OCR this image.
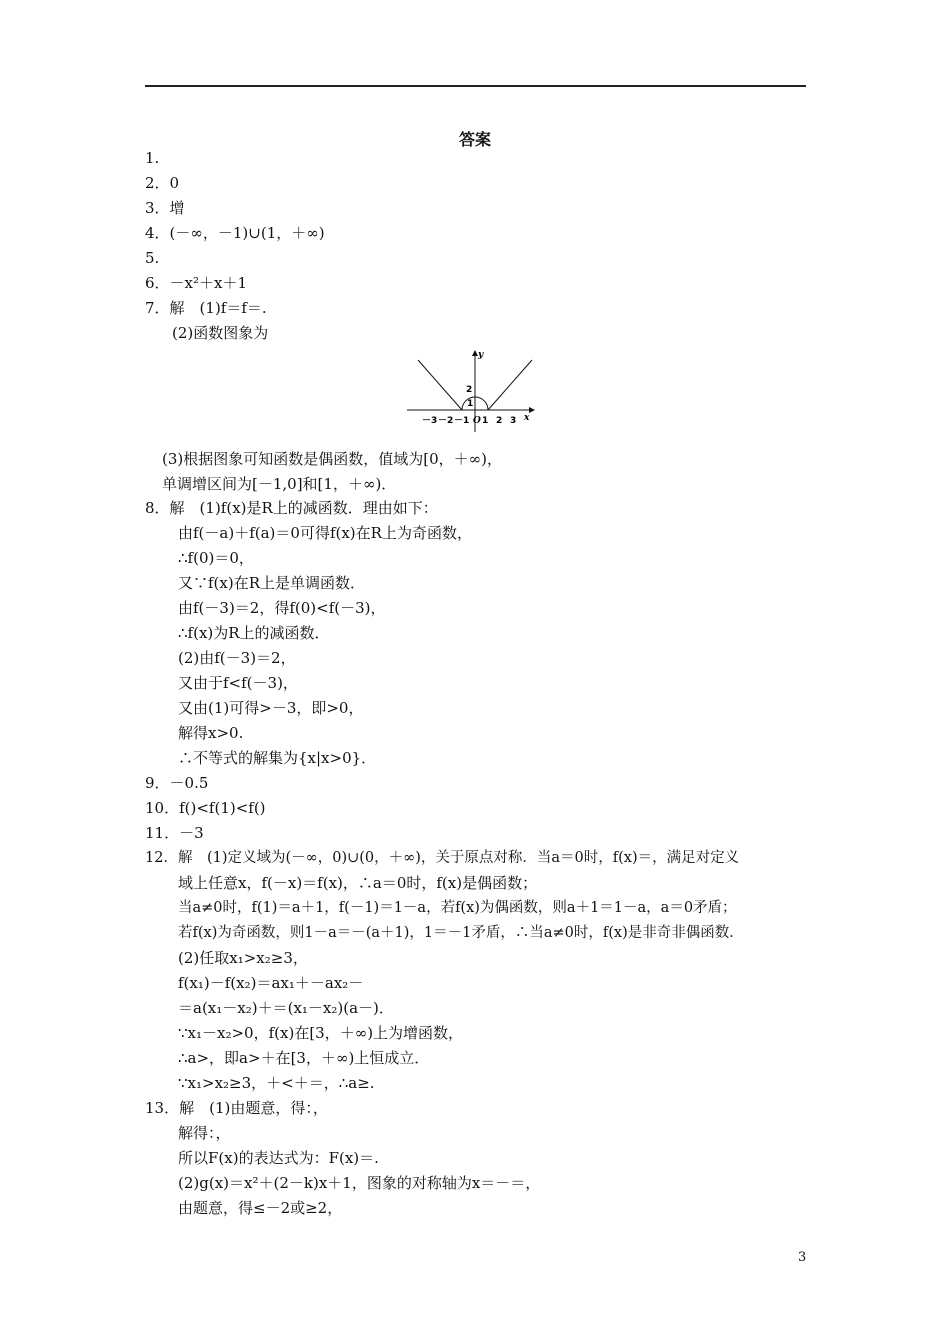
答案
1.
2．0
3．增
4．(－∞，－1)∪(1，＋∞)
5.
6．－x²＋x＋1
7．解　(1)f＝f＝.
(2)函数图象为
y
x
2
1
－3 －2 －1 O 1 2 3
(3)根据图象可知函数是偶函数，值域为[0，＋∞)，
单调增区间为[－1,0]和[1，＋∞)．
8．解　(1)f(x)是R上的减函数．理由如下：
由f(－a)＋f(a)＝0可得f(x)在R上为奇函数，
∴f(0)＝0，
又∵f(x)在R上是单调函数．
由f(－3)＝2，得f(0)<f(－3)，
∴f(x)为R上的减函数．
(2)由f(－3)＝2，
又由于f<f(－3)，
又由(1)可得>－3，即>0，
解得x>0.
∴不等式的解集为{x|x>0}．
9．－0.5
10．f()<f(1)<f()
11．－3
12．解　(1)定义域为(－∞，0)∪(0，＋∞)，关于原点对称．当a＝0时，f(x)＝，满足对定义
域上任意x，f(－x)＝f(x)，∴a＝0时，f(x)是偶函数；
当a≠0时，f(1)＝a＋1，f(－1)＝1－a，若f(x)为偶函数，则a＋1＝1－a，a＝0矛盾；
若f(x)为奇函数，则1－a＝－(a＋1)，1＝－1矛盾，∴当a≠0时，f(x)是非奇非偶函数．
(2)任取x₁>x₂≥3，
f(x₁)－f(x₂)＝ax₁＋－ax₂－
＝a(x₁－x₂)＋＝(x₁－x₂)(a－)．
∵x₁－x₂>0，f(x)在[3，＋∞)上为增函数，
∴a>，即a>＋在[3，＋∞)上恒成立．
∵x₁>x₂≥3，＋<＋＝，∴a≥.
13．解　(1)由题意，得：，
解得：，
所以F(x)的表达式为：F(x)＝.
(2)g(x)＝x²＋(2－k)x＋1，图象的对称轴为x＝－＝，
由题意，得≤－2或≥2，
3
